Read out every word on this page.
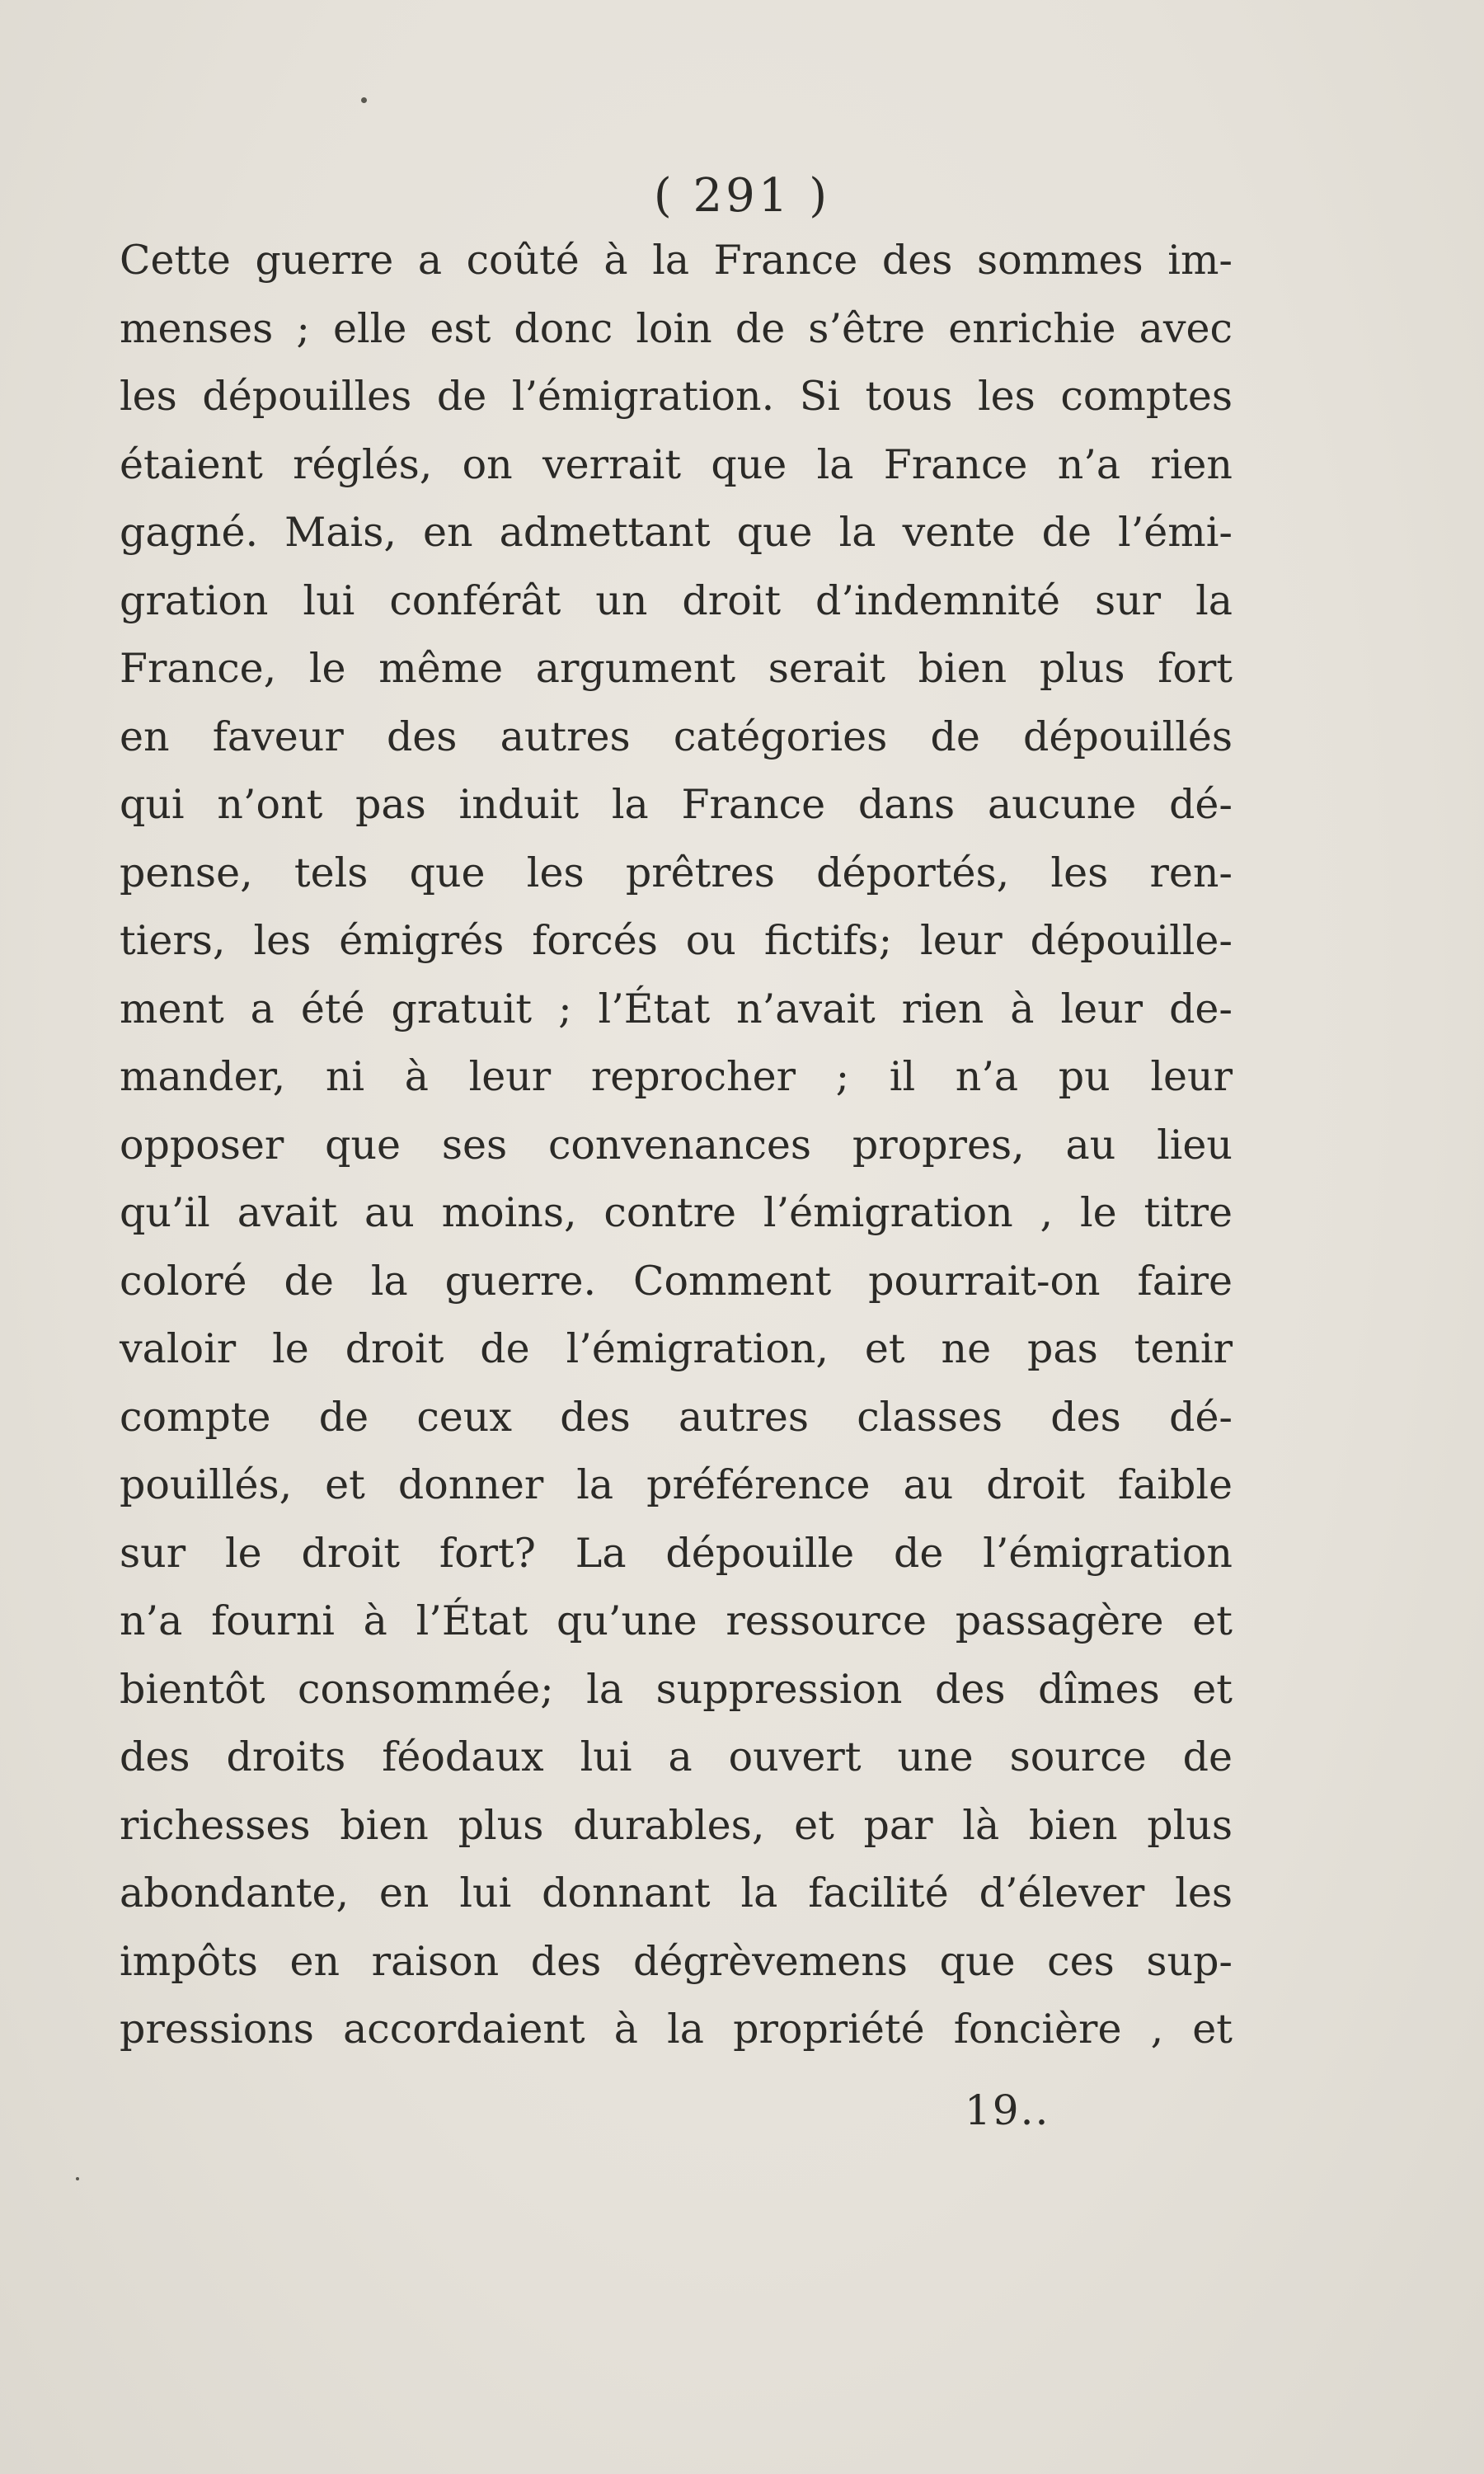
( 291 )
Cette guerre a coûté à la France des sommes im-
menses ; elle est donc loin de s’être enrichie avec
les dépouilles de l’émigration. Si tous les comptes
étaient réglés, on verrait que la France n’a rien
gagné. Mais, en admettant que la vente de l’émi-
gration lui conférât un droit d’indemnité sur la
France, le même argument serait bien plus fort
en faveur des autres catégories de dépouillés
qui n’ont pas induit la France dans aucune dé-
pense, tels que les prêtres déportés, les ren-
tiers, les émigrés forcés ou fictifs; leur dépouille-
ment a été gratuit ; l’État n’avait rien à leur de-
mander, ni à leur reprocher ; il n’a pu leur
opposer que ses convenances propres, au lieu
qu’il avait au moins, contre l’émigration , le titre
coloré de la guerre. Comment pourrait-on faire
valoir le droit de l’émigration, et ne pas tenir
compte de ceux des autres classes des dé-
pouillés, et donner la préférence au droit faible
sur le droit fort? La dépouille de l’émigration
n’a fourni à l’État qu’une ressource passagère et
bientôt consommée; la suppression des dîmes et
des droits féodaux lui a ouvert une source de
richesses bien plus durables, et par là bien plus
abondante, en lui donnant la facilité d’élever les
impôts en raison des dégrèvemens que ces sup-
pressions accordaient à la propriété foncière , et
19..
